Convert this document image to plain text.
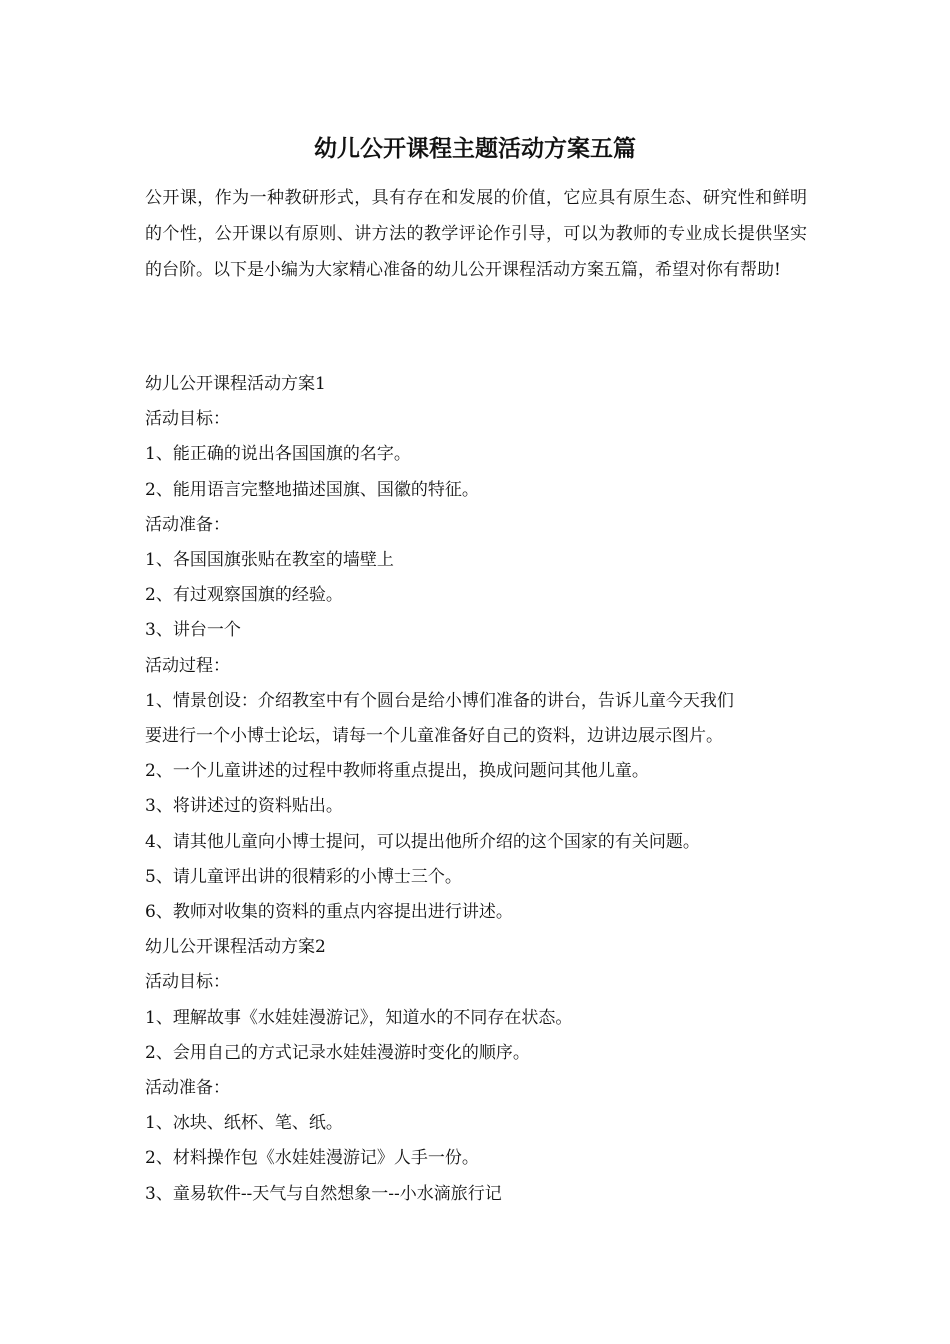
幼儿公开课程主题活动方案五篇

公开课，作为一种教研形式，具有存在和发展的价值，它应具有原生态、研究性和鲜明的个性，公开课以有原则、讲方法的教学评论作引导，可以为教师的专业成长提供坚实的台阶。以下是小编为大家精心准备的幼儿公开课程活动方案五篇，希望对你有帮助!

幼儿公开课程活动方案1

活动目标：

1、能正确的说出各国国旗的名字。

2、能用语言完整地描述国旗、国徽的特征。

活动准备：

1、各国国旗张贴在教室的墙壁上

2、有过观察国旗的经验。

3、讲台一个

活动过程：

1、情景创设：介绍教室中有个圆台是给小博们准备的讲台，告诉儿童今天我们

要进行一个小博士论坛，请每一个儿童准备好自己的资料，边讲边展示图片。

2、一个儿童讲述的过程中教师将重点提出，换成问题问其他儿童。

3、将讲述过的资料贴出。

4、请其他儿童向小博士提问，可以提出他所介绍的这个国家的有关问题。

5、请儿童评出讲的很精彩的小博士三个。

6、教师对收集的资料的重点内容提出进行讲述。

幼儿公开课程活动方案2

活动目标：

1、理解故事《水娃娃漫游记》，知道水的不同存在状态。

2、会用自己的方式记录水娃娃漫游时变化的顺序。

活动准备：

1、冰块、纸杯、笔、纸。

2、材料操作包《水娃娃漫游记》人手一份。

3、童易软件--天气与自然想象一--小水滴旅行记
